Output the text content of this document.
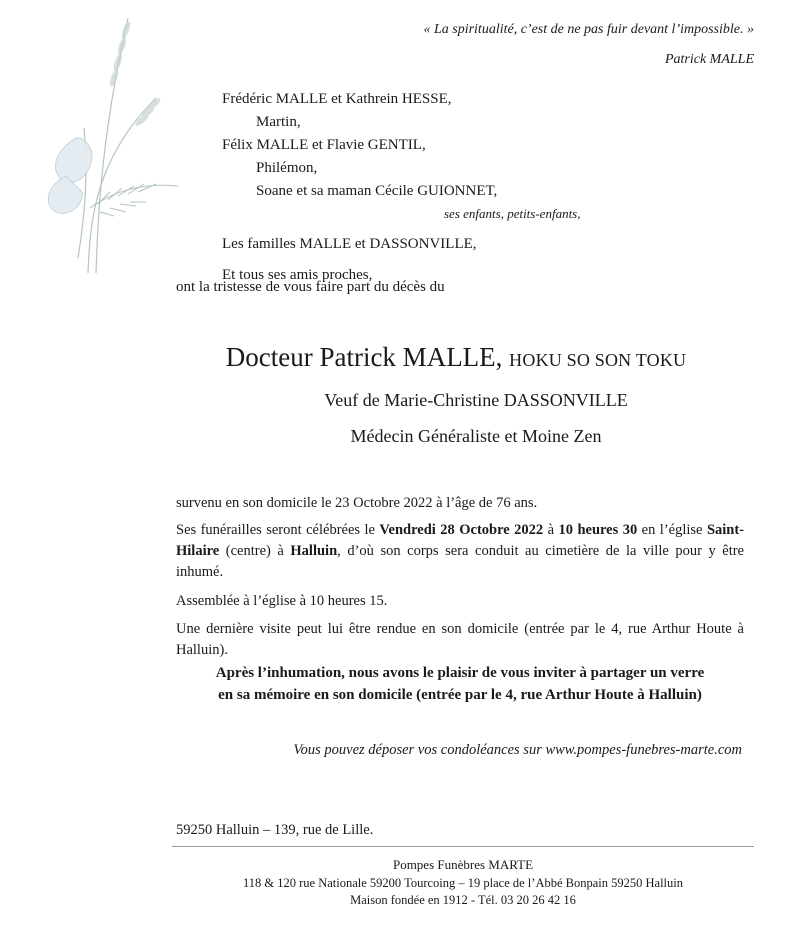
« La spiritualité, c’est de ne pas fuir devant l’impossible. »
Patrick MALLE
Frédéric MALLE et Kathrein HESSE,
Martin,
Félix MALLE et Flavie GENTIL,
Philémon,
Soane et sa maman Cécile GUIONNET,
ses enfants, petits-enfants,
Les familles MALLE et DASSONVILLE,
Et tous ses amis proches,
ont la tristesse de vous faire part du décès du
Docteur Patrick MALLE, HOKU SO SON TOKU
Veuf de Marie-Christine DASSONVILLE
Médecin Généraliste et Moine Zen
survenu en son domicile le 23 Octobre 2022 à l’âge de 76 ans.
Ses funérailles seront célébrées le Vendredi 28 Octobre 2022 à 10 heures 30 en l’église Saint-Hilaire (centre) à Halluin, d’où son corps sera conduit au cimetière de la ville pour y être inhumé.
Assemblée à l’église à 10 heures 15.
Une dernière visite peut lui être rendue en son domicile (entrée par le 4, rue Arthur Houte à Halluin).
Après l’inhumation, nous avons le plaisir de vous inviter à partager un verre
en sa mémoire en son domicile (entrée par le 4, rue Arthur Houte à Halluin)
Vous pouvez déposer vos condoléances sur www.pompes-funebres-marte.com
59250 Halluin – 139, rue de Lille.
Pompes Funèbres MARTE
118 & 120 rue Nationale 59200 Tourcoing – 19 place de l’Abbé Bonpain 59250 Halluin
Maison fondée en 1912 - Tél. 03 20 26 42 16
